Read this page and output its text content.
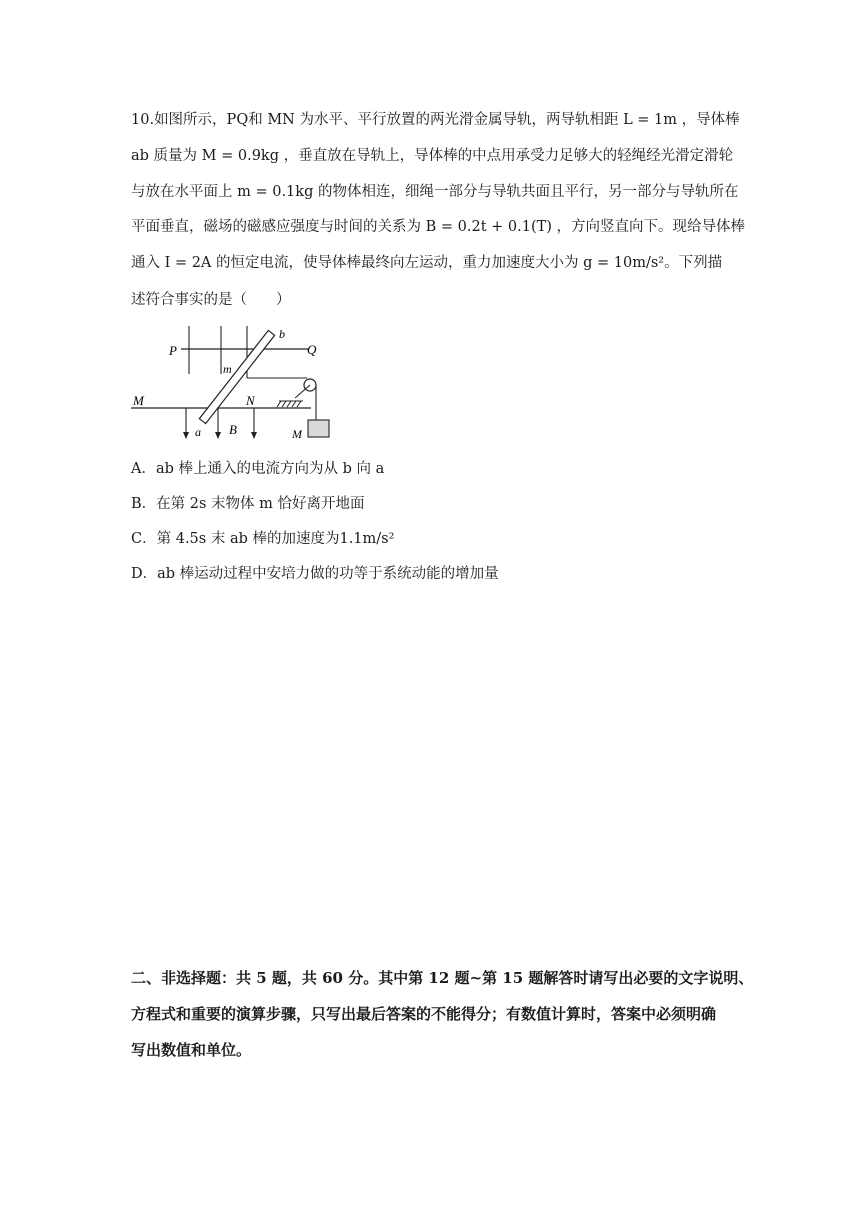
10.如图所示，PQ和 MN 为水平、平行放置的两光滑金属导轨，两导轨相距 L = 1m ，导体棒
ab 质量为 M = 0.9kg ，垂直放在导轨上，导体棒的中点用承受力足够大的轻绳经光滑定滑轮
与放在水平面上 m = 0.1kg 的物体相连，细绳一部分与导轨共面且平行，另一部分与导轨所在
平面垂直，磁场的磁感应强度与时间的关系为 B = 0.2t + 0.1(T) ，方向竖直向下。现给导体棒
通入 I = 2A 的恒定电流，使导体棒最终向左运动，重力加速度大小为 g = 10m/s²。下列描
述符合事实的是（　　）
P	Q
M	N
a
b
m
B	M
A．ab 棒上通入的电流方向为从 b 向 a
B．在第 2s 末物体 m 恰好离开地面
C．第 4.5s 末 ab 棒的加速度为1.1m/s²
D．ab 棒运动过程中安培力做的功等于系统动能的增加量
二、非选择题：共 5 题，共 60 分。其中第 12 题~第 15 题解答时请写出必要的文字说明、
方程式和重要的演算步骤，只写出最后答案的不能得分；有数值计算时，答案中必须明确
写出数值和单位。
